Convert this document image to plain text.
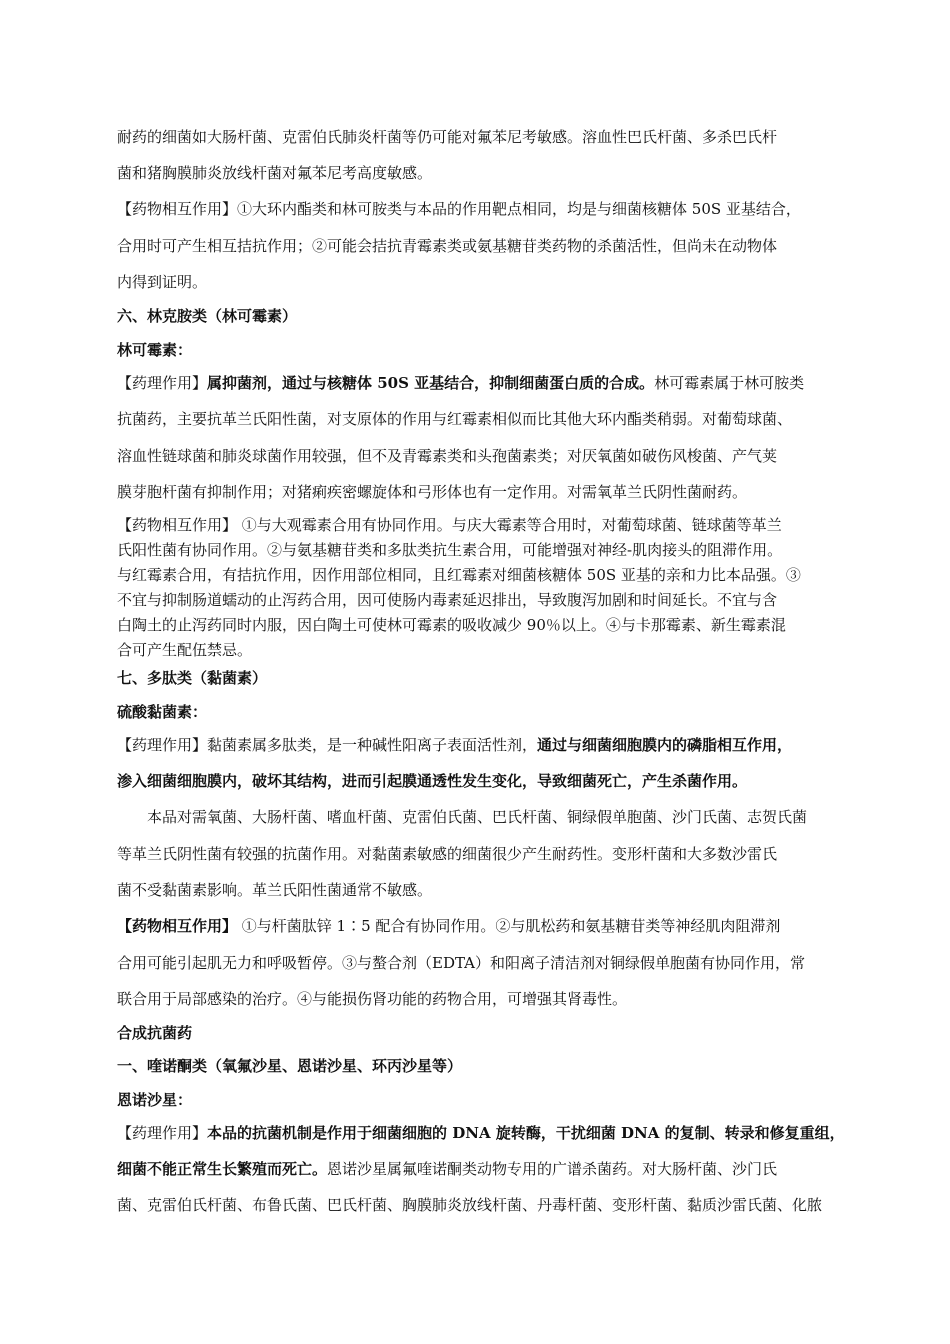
耐药的细菌如大肠杆菌、克雷伯氏肺炎杆菌等仍可能对氟苯尼考敏感。溶血性巴氏杆菌、多杀巴氏杆
菌和猪胸膜肺炎放线杆菌对氟苯尼考高度敏感。
【药物相互作用】①大环内酯类和林可胺类与本品的作用靶点相同，均是与细菌核糖体 50S 亚基结合，
合用时可产生相互拮抗作用；②可能会拮抗青霉素类或氨基糖苷类药物的杀菌活性，但尚未在动物体
内得到证明。
六、林克胺类（林可霉素）
林可霉素：
【药理作用】属抑菌剂，通过与核糖体 50S 亚基结合，抑制细菌蛋白质的合成。林可霉素属于林可胺类
抗菌药，主要抗革兰氏阳性菌，对支原体的作用与红霉素相似而比其他大环内酯类稍弱。对葡萄球菌、
溶血性链球菌和肺炎球菌作用较强，但不及青霉素类和头孢菌素类；对厌氧菌如破伤风梭菌、产气荚
膜芽胞杆菌有抑制作用；对猪痢疾密螺旋体和弓形体也有一定作用。对需氧革兰氏阴性菌耐药。
【药物相互作用】 ①与大观霉素合用有协同作用。与庆大霉素等合用时，对葡萄球菌、链球菌等革兰
氏阳性菌有协同作用。②与氨基糖苷类和多肽类抗生素合用，可能增强对神经-肌肉接头的阻滞作用。
与红霉素合用，有拮抗作用，因作用部位相同，且红霉素对细菌核糖体 50S 亚基的亲和力比本品强。③
不宜与抑制肠道蠕动的止泻药合用，因可使肠内毒素延迟排出，导致腹泻加剧和时间延长。不宜与含
白陶土的止泻药同时内服，因白陶土可使林可霉素的吸收减少 90％以上。④与卡那霉素、新生霉素混
合可产生配伍禁忌。
七、多肽类（黏菌素）
硫酸黏菌素：
【药理作用】黏菌素属多肽类，是一种碱性阳离子表面活性剂，通过与细菌细胞膜内的磷脂相互作用，
渗入细菌细胞膜内，破坏其结构，进而引起膜通透性发生变化，导致细菌死亡，产生杀菌作用。
本品对需氧菌、大肠杆菌、嗜血杆菌、克雷伯氏菌、巴氏杆菌、铜绿假单胞菌、沙门氏菌、志贺氏菌
等革兰氏阴性菌有较强的抗菌作用。对黏菌素敏感的细菌很少产生耐药性。变形杆菌和大多数沙雷氏
菌不受黏菌素影响。革兰氏阳性菌通常不敏感。
【药物相互作用】 ①与杆菌肽锌 1∶5 配合有协同作用。②与肌松药和氨基糖苷类等神经肌肉阻滞剂
合用可能引起肌无力和呼吸暂停。③与螯合剂（EDTA）和阳离子清洁剂对铜绿假单胞菌有协同作用，常
联合用于局部感染的治疗。④与能损伤肾功能的药物合用，可增强其肾毒性。
合成抗菌药
一、喹诺酮类（氧氟沙星、恩诺沙星、环丙沙星等）
恩诺沙星：
【药理作用】本品的抗菌机制是作用于细菌细胞的 DNA 旋转酶，干扰细菌 DNA 的复制、转录和修复重组，
细菌不能正常生长繁殖而死亡。恩诺沙星属氟喹诺酮类动物专用的广谱杀菌药。对大肠杆菌、沙门氏
菌、克雷伯氏杆菌、布鲁氏菌、巴氏杆菌、胸膜肺炎放线杆菌、丹毒杆菌、变形杆菌、黏质沙雷氏菌、化脓
